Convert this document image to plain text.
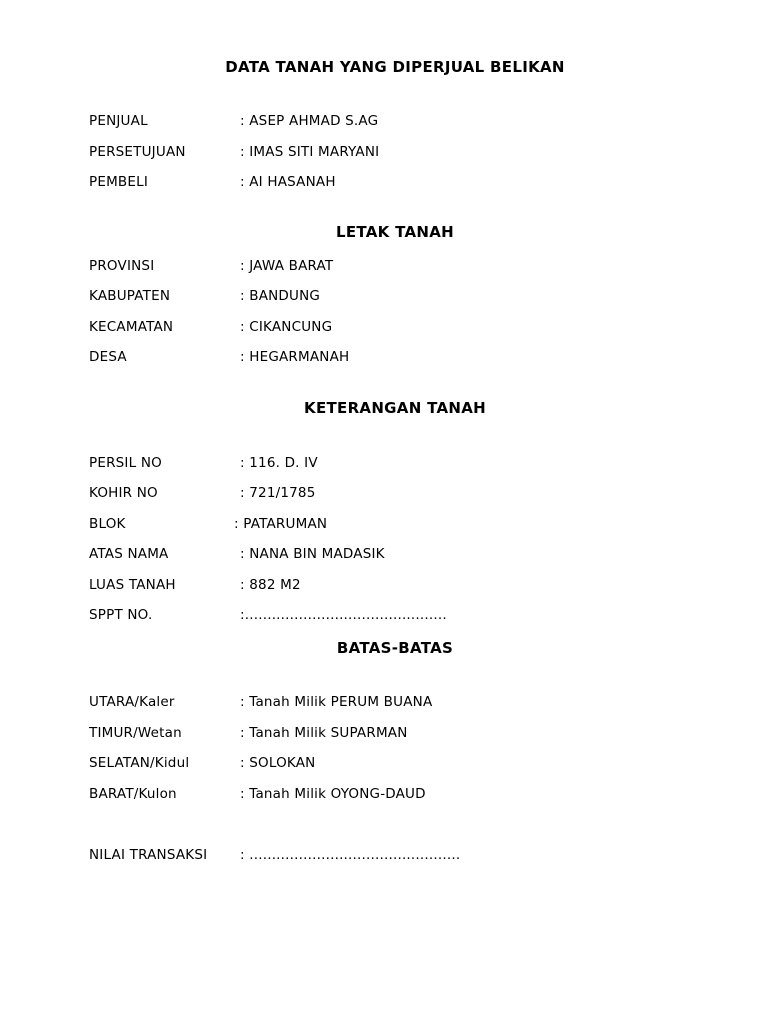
DATA TANAH YANG DIPERJUAL BELIKAN
PENJUAL	: ASEP AHMAD S.AG
PERSETUJUAN	: IMAS SITI MARYANI
PEMBELI	: AI HASANAH
LETAK TANAH
PROVINSI	: JAWA BARAT
KABUPATEN	: BANDUNG
KECAMATAN	: CIKANCUNG
DESA	: HEGARMANAH
KETERANGAN TANAH
PERSIL NO	: 116. D. IV
KOHIR NO	: 721/1785
BLOK	: PATARUMAN
ATAS NAMA	: NANA BIN MADASIK
LUAS TANAH	: 882 M2
SPPT NO.	:.............................................
BATAS-BATAS
UTARA/Kaler	: Tanah Milik PERUM BUANA
TIMUR/Wetan	: Tanah Milik SUPARMAN
SELATAN/Kidul	: SOLOKAN
BARAT/Kulon	: Tanah Milik OYONG-DAUD
NILAI TRANSAKSI : ...............................................
